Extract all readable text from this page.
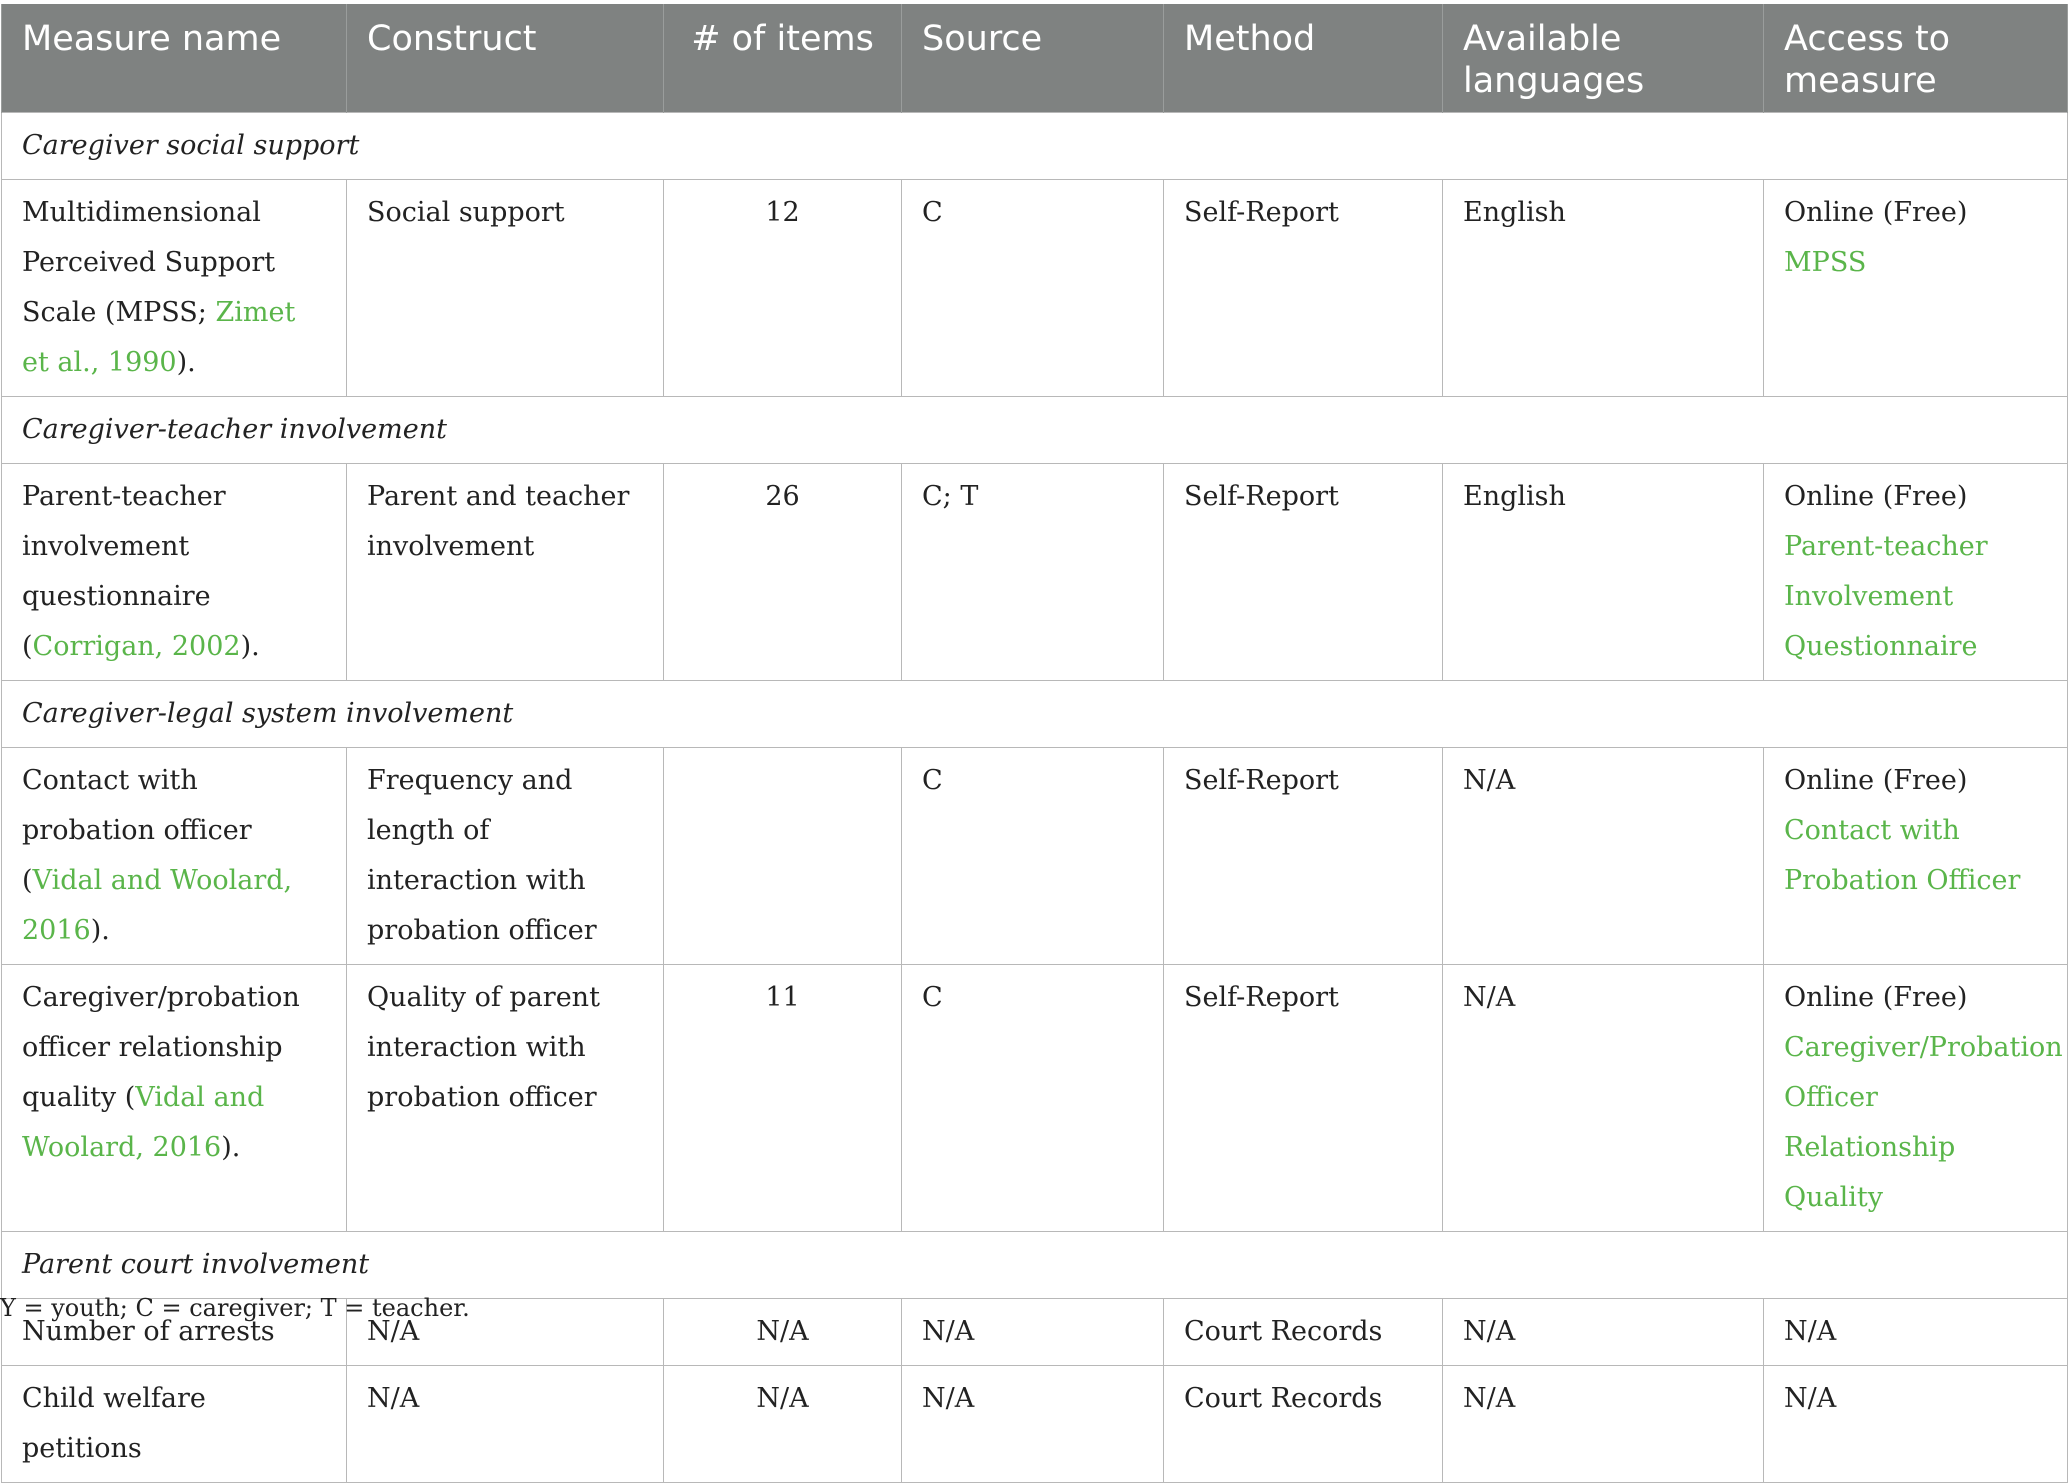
Measure name	Construct	# of items	Source	Method	Available languages	Access to measure
Caregiver social support						
Multidimensional Perceived Support Scale (MPSS; Zimet et al., 1990).	Social support	12	C	Self-Report	English	Online (Free) MPSS
Caregiver-teacher involvement						
Parent-teacher involvement questionnaire (Corrigan, 2002).	Parent and teacher involvement	26	C; T	Self-Report	English	Online (Free) Parent-teacher Involvement Questionnaire
Caregiver-legal system involvement						
Contact with probation officer (Vidal and Woolard, 2016).	Frequency and length of interaction with probation officer		C	Self-Report	N/A	Online (Free) Contact with Probation Officer
Caregiver/probation officer relationship quality (Vidal and Woolard, 2016).	Quality of parent interaction with probation officer	11	C	Self-Report	N/A	Online (Free) Caregiver/Probation Officer Relationship Quality
Parent court involvement						
Number of arrests	N/A	N/A	N/A	Court Records	N/A	N/A
Child welfare petitions	N/A	N/A	N/A	Court Records	N/A	N/A
Y = youth; C = caregiver; T = teacher.
